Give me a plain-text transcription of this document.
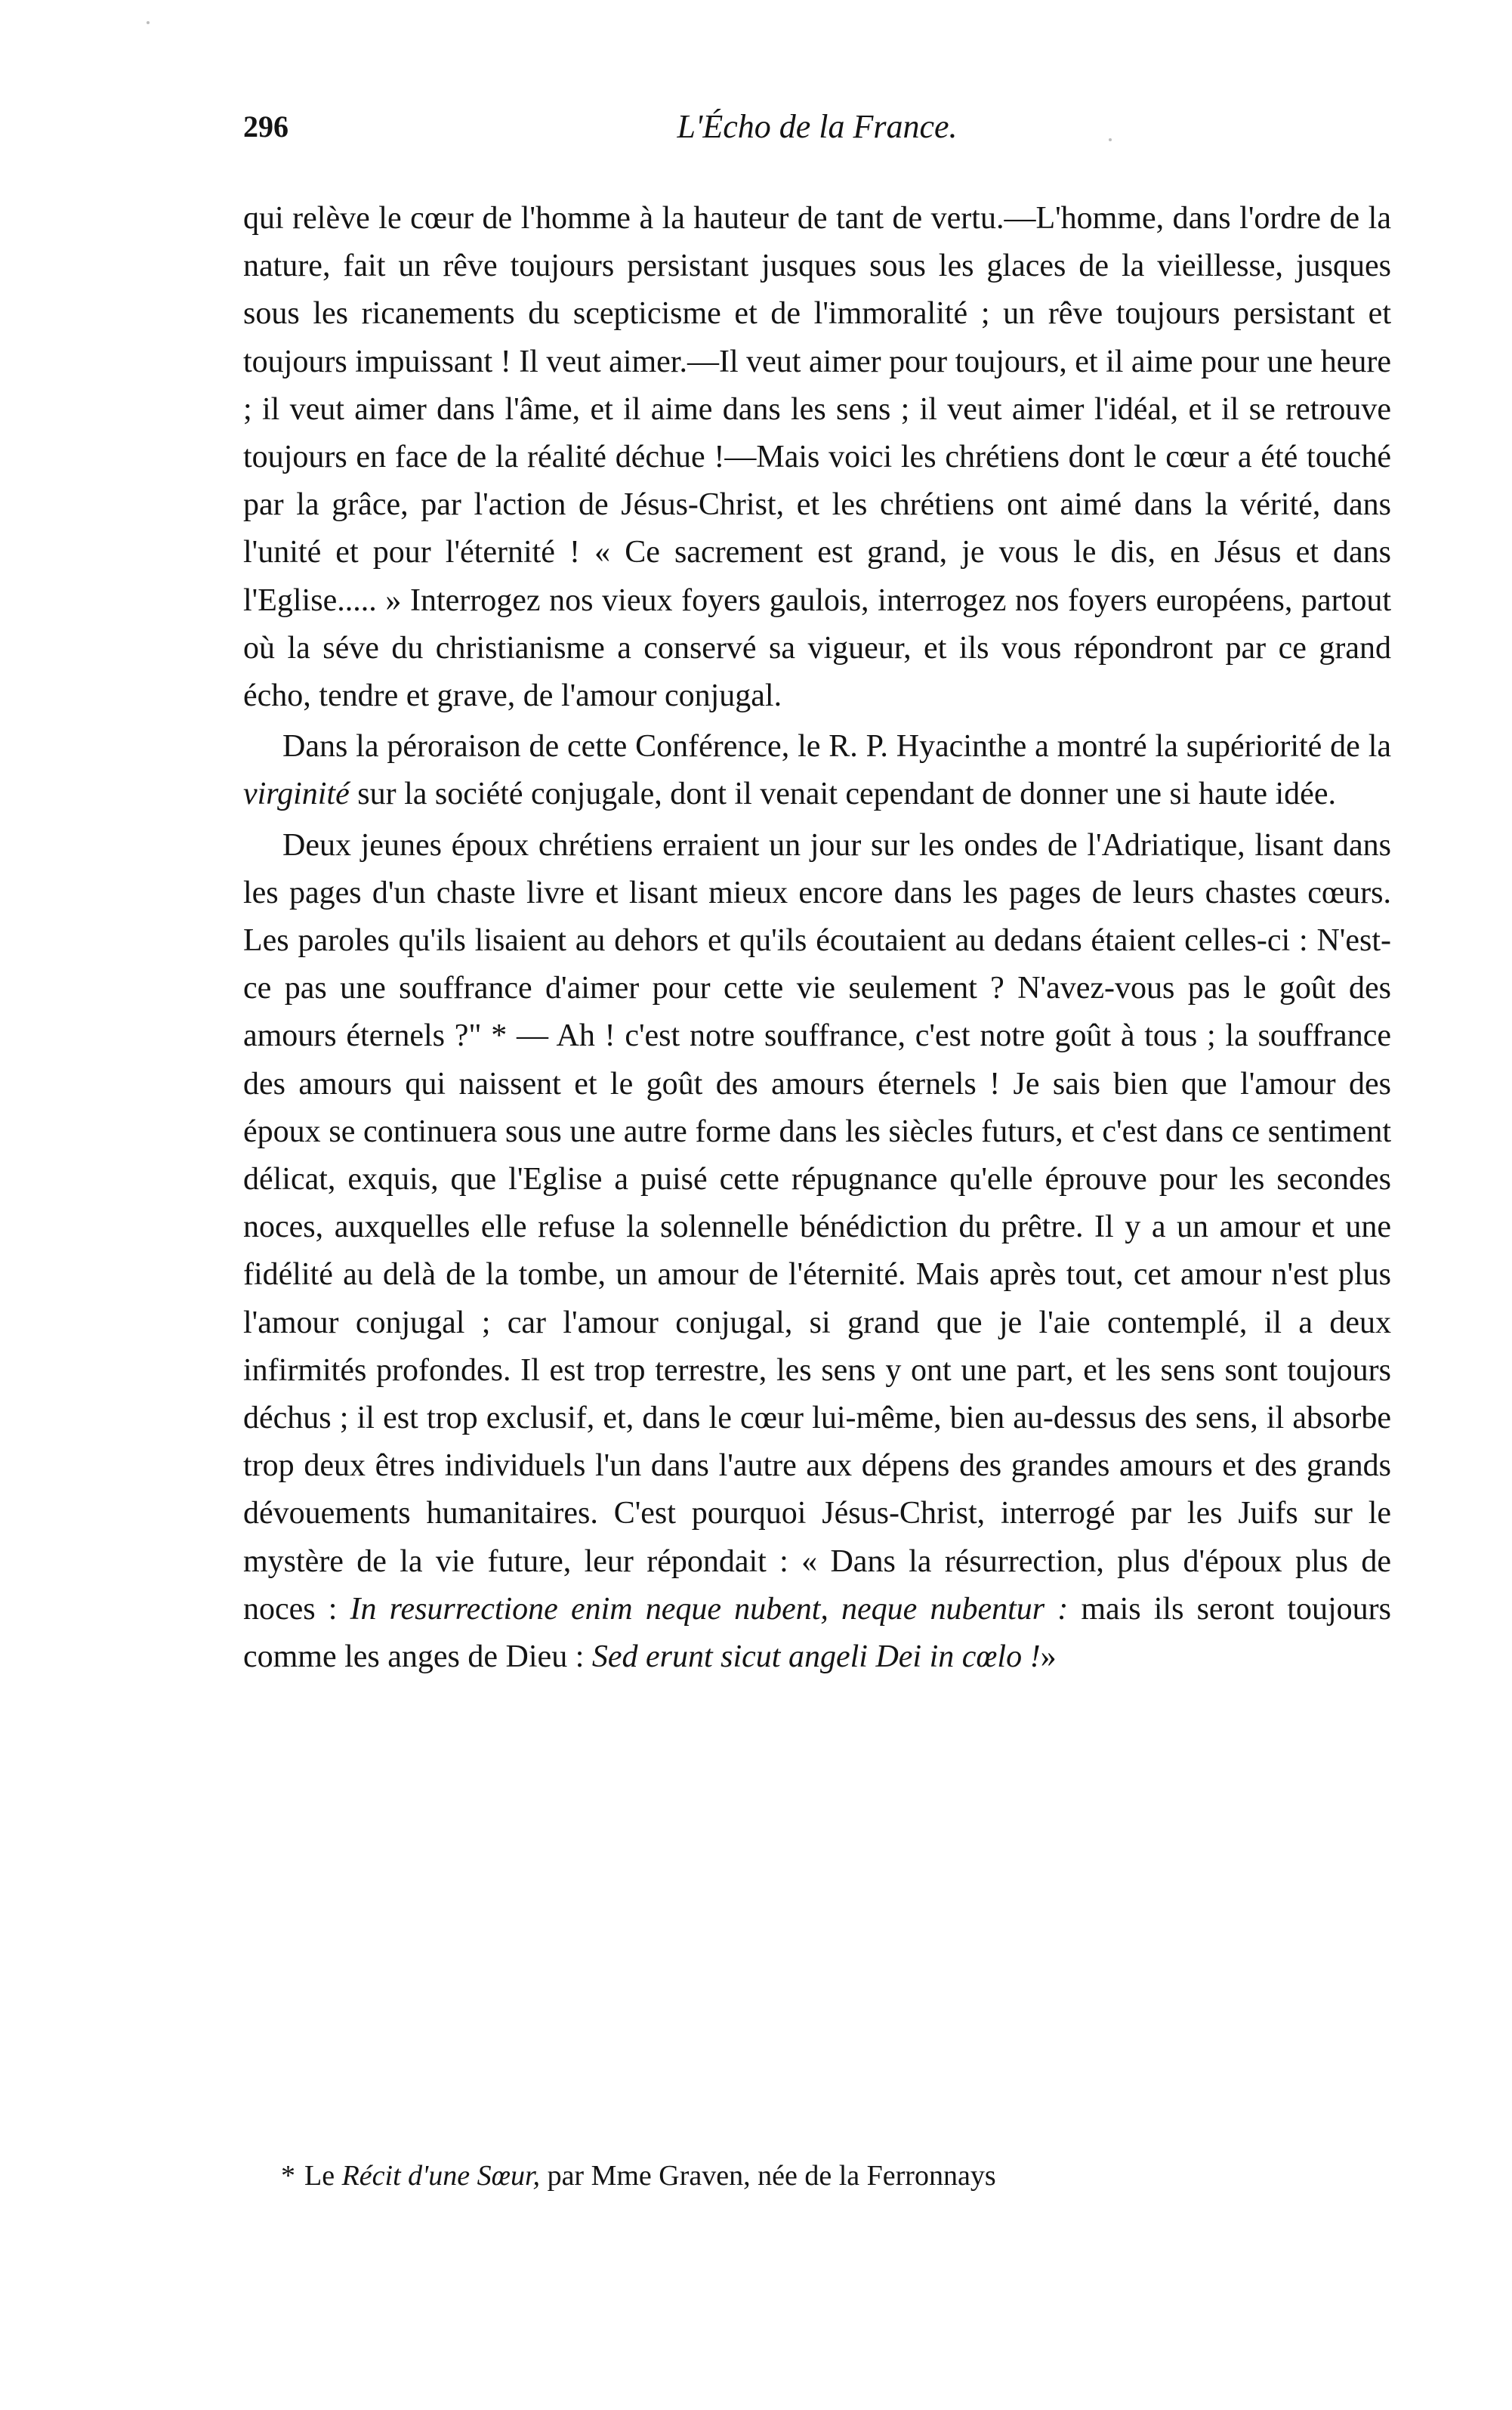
296	L'Écho de la France.

qui relève le cœur de l'homme à la hauteur de tant de vertu.—L'homme, dans l'ordre de la nature, fait un rêve toujours persistant jusques sous les glaces de la vieillesse, jusques sous les ricanements du scepticisme et de l'immoralité ; un rêve toujours persistant et toujours impuissant ! Il veut aimer.—Il veut aimer pour toujours, et il aime pour une heure ; il veut aimer dans l'âme, et il aime dans les sens ; il veut aimer l'idéal, et il se retrouve toujours en face de la réalité déchue !—Mais voici les chrétiens dont le cœur a été touché par la grâce, par l'action de Jésus-Christ, et les chrétiens ont aimé dans la vérité, dans l'unité et pour l'éternité ! « Ce sacrement est grand, je vous le dis, en Jésus et dans l'Eglise..... » Interrogez nos vieux foyers gaulois, interrogez nos foyers européens, partout où la séve du christianisme a conservé sa vigueur, et ils vous répondront par ce grand écho, tendre et grave, de l'amour conjugal.

Dans la péroraison de cette Conférence, le R. P. Hyacinthe a montré la supériorité de la virginité sur la société conjugale, dont il venait cependant de donner une si haute idée.

Deux jeunes époux chrétiens erraient un jour sur les ondes de l'Adriatique, lisant dans les pages d'un chaste livre et lisant mieux encore dans les pages de leurs chastes cœurs. Les paroles qu'ils lisaient au dehors et qu'ils écoutaient au dedans étaient celles-ci : N'est-ce pas une souffrance d'aimer pour cette vie seulement ? N'avez-vous pas le goût des amours éternels ?" * — Ah ! c'est notre souffrance, c'est notre goût à tous ; la souffrance des amours qui naissent et le goût des amours éternels ! Je sais bien que l'amour des époux se continuera sous une autre forme dans les siècles futurs, et c'est dans ce sentiment délicat, exquis, que l'Eglise a puisé cette répugnance qu'elle éprouve pour les secondes noces, auxquelles elle refuse la solennelle bénédiction du prêtre. Il y a un amour et une fidélité au delà de la tombe, un amour de l'éternité. Mais après tout, cet amour n'est plus l'amour conjugal ; car l'amour conjugal, si grand que je l'aie contemplé, il a deux infirmités profondes. Il est trop terrestre, les sens y ont une part, et les sens sont toujours déchus ; il est trop exclusif, et, dans le cœur lui-même, bien au-dessus des sens, il absorbe trop deux êtres individuels l'un dans l'autre aux dépens des grandes amours et des grands dévouements humanitaires. C'est pourquoi Jésus-Christ, interrogé par les Juifs sur le mystère de la vie future, leur répondait : « Dans la résurrection, plus d'époux plus de noces : In resurrectione enim neque nubent, neque nubentur : mais ils seront toujours comme les anges de Dieu : Sed erunt sicut angeli Dei in cœlo !»

* Le Récit d'une Sœur, par Mme Graven, née de la Ferronnays
